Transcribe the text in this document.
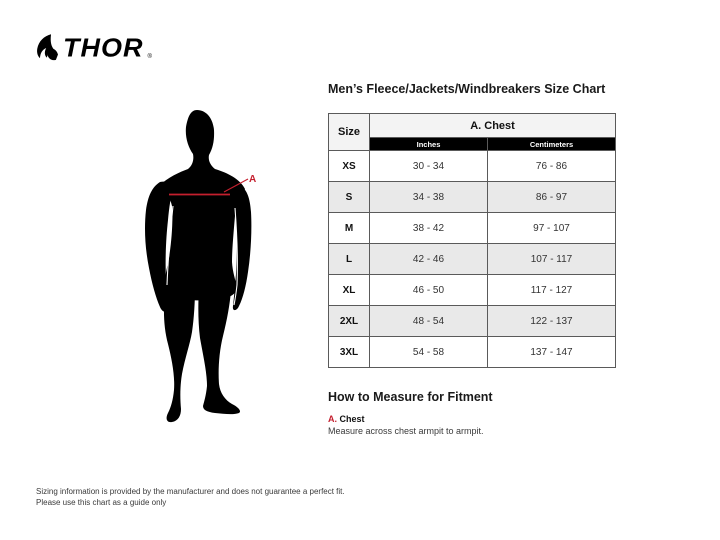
THOR ®
A
Men’s Fleece/Jackets/Windbreakers Size Chart
Size	A. Chest	
	Inches	Centimeters
XS	30 - 34	76 - 86
S	34 - 38	86 - 97
M	38 - 42	97 - 107
L	42 - 46	107 - 117
XL	46 - 50	117 - 127
2XL	48 - 54	122 - 137
3XL	54 - 58	137 - 147
How to Measure for Fitment
A. Chest
Measure across chest armpit to armpit.
Sizing information is provided by the manufacturer and does not guarantee a perfect fit.
Please use this chart as a guide only
